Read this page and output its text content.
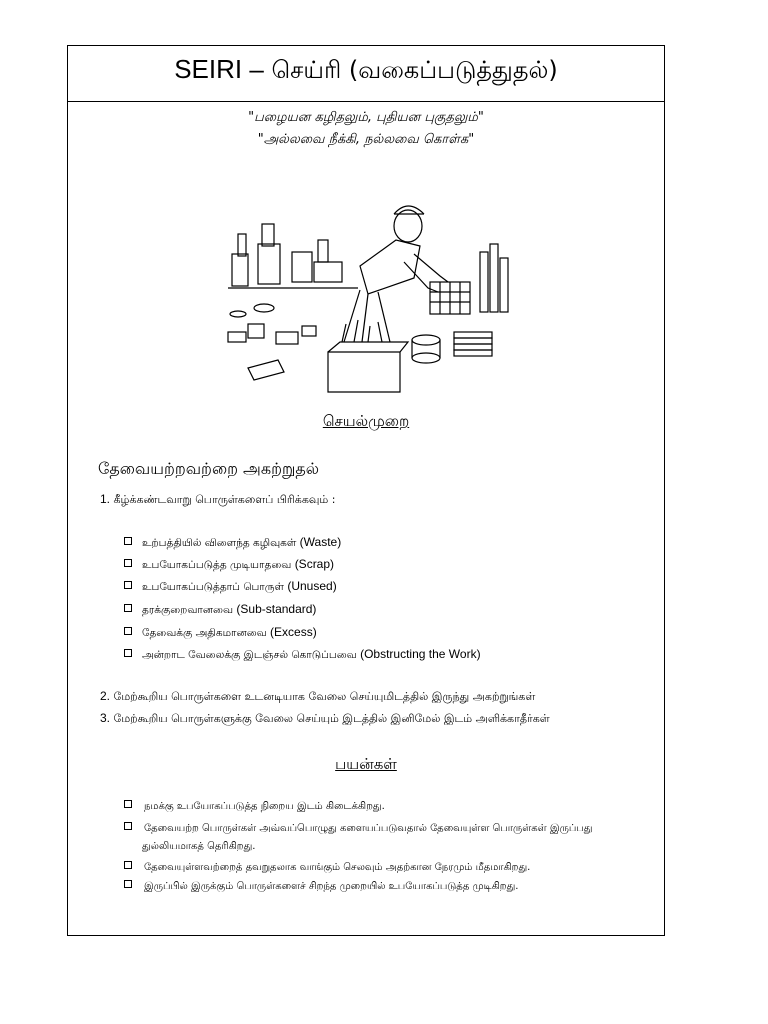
SEIRI – செய்ரி (வகைப்படுத்துதல்)
"பழையன கழிதலும், புதியன புகுதலும்"
"அல்லவை நீக்கி, நல்லவை கொள்க"
செயல்முறை
தேவையற்றவற்றை அகற்றுதல்
1. கீழ்க்கண்டவாறு பொருள்களைப் பிரிக்கவும் :
உற்பத்தியில் விளைந்த கழிவுகள் (Waste)
உபயோகப்படுத்த முடியாதவை (Scrap)
உபயோகப்படுத்தாப் பொருள் (Unused)
தரக்குறைவானவை (Sub-standard)
தேவைக்கு அதிகமானவை (Excess)
அன்றாட வேலைக்கு இடஞ்சல் கொடுப்பவை (Obstructing the Work)
2. மேற்கூறிய பொருள்களை உடனடியாக வேலை செய்யுமிடத்தில் இருந்து அகற்றுங்கள்
3. மேற்கூறிய பொருள்களுக்கு வேலை செய்யும் இடத்தில் இனிமேல் இடம் அளிக்காதீர்கள்
பயன்கள்
நமக்கு உபயோகப்படுத்த நிறைய இடம் கிடைக்கிறது.
தேவையற்ற பொருள்கள் அவ்வப்பொழுது களையப்படுவதால் தேவையுள்ள பொருள்கள் இருப்பது
துல்லியமாகத் தெரிகிறது.
தேவையுள்ளவற்றைத் தவறுதலாக வாங்கும் செலவும் அதற்கான நேரமும் மீதமாகிறது.
இருப்பில் இருக்கும் பொருள்களைச் சிறந்த முறையில் உபயோகப்படுத்த முடிகிறது.
